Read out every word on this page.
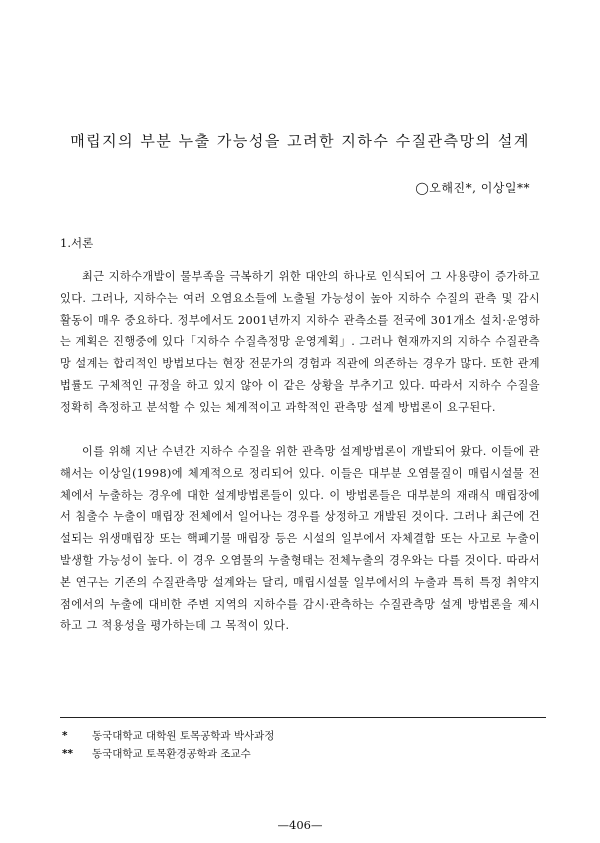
매립지의 부분 누출 가능성을 고려한 지하수 수질관측망의 설계
◯오해진*, 이상일**
1.서론

최근 지하수개발이 물부족을 극복하기 위한 대안의 하나로 인식되어 그 사용량이 증가하고 있다. 그러나, 지하수는 여러 오염요소들에 노출될 가능성이 높아 지하수 수질의 관측 및 감시 활동이 매우 중요하다. 정부에서도 2001년까지 지하수 관측소를 전국에 301개소 설치·운영하는 계획은 진행중에 있다「지하수 수질측정망 운영계획」. 그러나 현재까지의 지하수 수질관측망 설계는 합리적인 방법보다는 현장 전문가의 경험과 직관에 의존하는 경우가 많다. 또한 관계법률도 구체적인 규정을 하고 있지 않아 이 같은 상황을 부추기고 있다. 따라서 지하수 수질을 정확히 측정하고 분석할 수 있는 체계적이고 과학적인 관측망 설계 방법론이 요구된다.

이를 위해 지난 수년간 지하수 수질을 위한 관측망 설계방법론이 개발되어 왔다. 이들에 관해서는 이상일(1998)에 체계적으로 정리되어 있다. 이들은 대부분 오염물질이 매립시설물 전체에서 누출하는 경우에 대한 설계방법론들이 있다. 이 방법론들은 대부분의 재래식 매립장에서 침출수 누출이 매립장 전체에서 일어나는 경우를 상정하고 개발된 것이다. 그러나 최근에 건설되는 위생매립장 또는 핵폐기물 매립장 등은 시설의 일부에서 자체결함 또는 사고로 누출이 발생할 가능성이 높다. 이 경우 오염물의 누출형태는 전체누출의 경우와는 다를 것이다. 따라서 본 연구는 기존의 수질관측망 설계와는 달리, 매립시설물 일부에서의 누출과 특히 특정 취약지점에서의 누출에 대비한 주변 지역의 지하수를 감시·관측하는 수질관측망 설계 방법론을 제시하고 그 적용성을 평가하는데 그 목적이 있다.

* 동국대학교 대학원 토목공학과 박사과정
** 동국대학교 토목환경공학과 조교수
—406—
